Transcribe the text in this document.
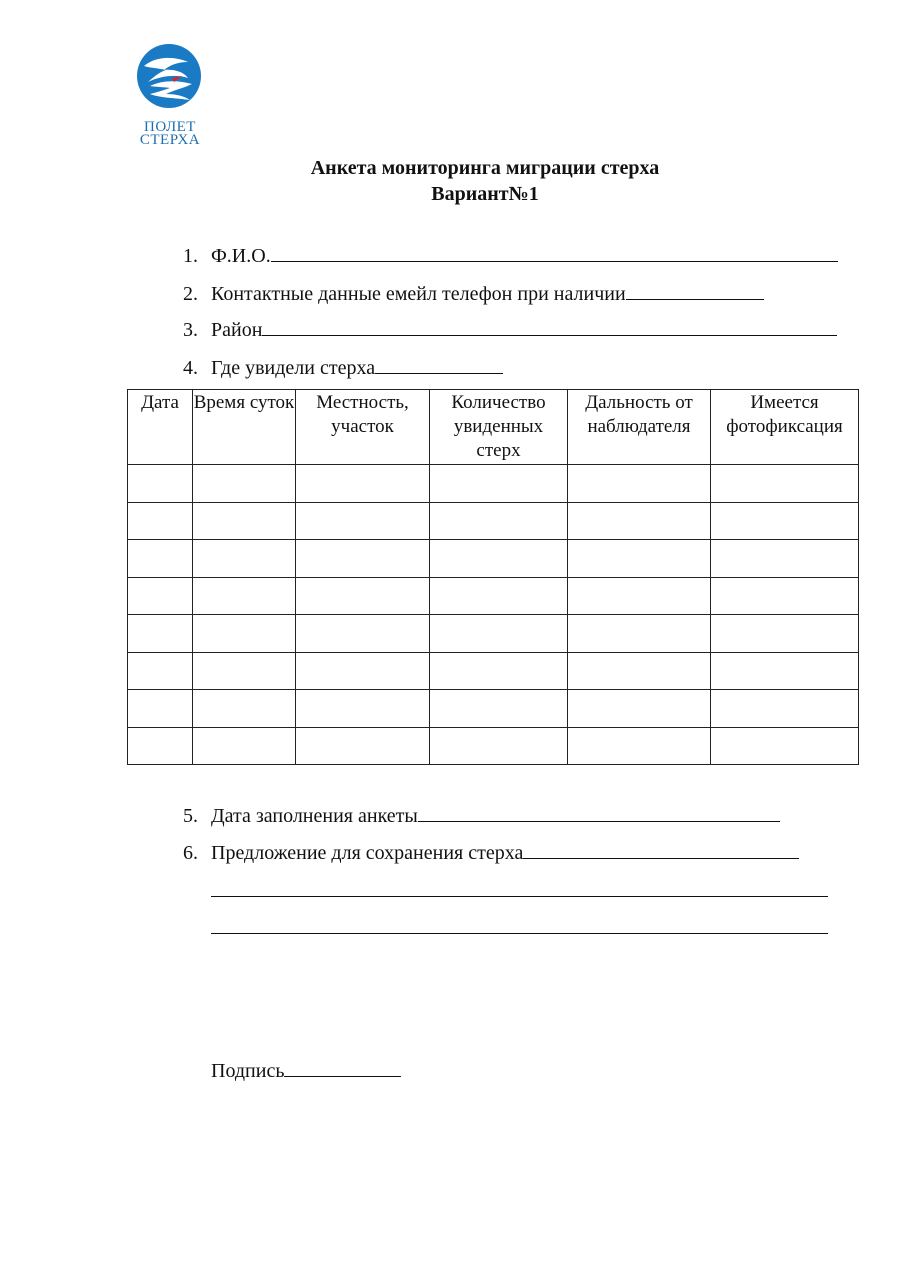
ПОЛЕТ
СТЕРХА
Анкета мониторинга миграции стерха
Вариант№1
1. Ф.И.О.
2. Контактные данные емейл телефон при наличии
3. Район
4. Где увидели стерха
Дата	Время суток	Местность, участок	Количество увиденных стерх	Дальность от наблюдателя	Имеется фотофиксация

5. Дата заполнения анкеты
6. Предложение для сохранения стерха
Подпись
